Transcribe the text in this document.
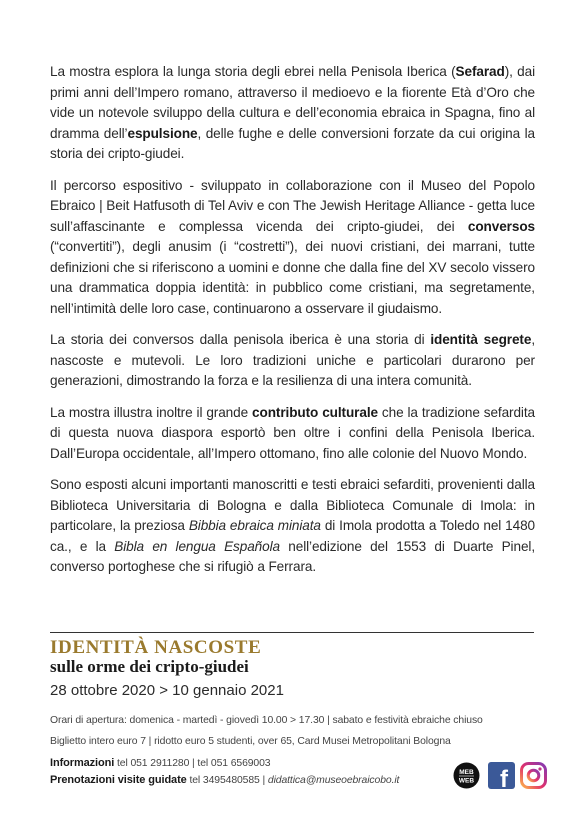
La mostra esplora la lunga storia degli ebrei nella Penisola Iberica (Sefarad), dai primi anni dell’Impero romano, attraverso il medioevo e la fiorente Età d’Oro che vide un notevole sviluppo della cultura e dell’economia ebraica in Spagna, fino al dramma dell’espulsione, delle fughe e delle conversioni forzate da cui origina la storia dei cripto-giudei.

Il percorso espositivo - sviluppato in collaborazione con il Museo del Popolo Ebraico | Beit Hatfusoth di Tel Aviv e con The Jewish Heritage Alliance - getta luce sull’affascinante e complessa vicenda dei cripto-giudei, dei conversos (“convertiti”), degli anusim (i “costretti”), dei nuovi cristiani, dei marrani, tutte definizioni che si riferiscono a uomini e donne che dalla fine del XV secolo vissero una drammatica doppia identità: in pubblico come cristiani, ma segretamente, nell’intimità delle loro case, continuarono a osservare il giudaismo.

La storia dei conversos dalla penisola iberica è una storia di identità segrete, nascoste e mutevoli. Le loro tradizioni uniche e particolari durarono per generazioni, dimostrando la forza e la resilienza di una intera comunità.

La mostra illustra inoltre il grande contributo culturale che la tradizione sefardita di questa nuova diaspora esportò ben oltre i confini della Penisola Iberica. Dall’Europa occidentale, all’Impero ottomano, fino alle colonie del Nuovo Mondo.

Sono esposti alcuni importanti manoscritti e testi ebraici sefarditi, provenienti dalla Biblioteca Universitaria di Bologna e dalla Biblioteca Comunale di Imola: in particolare, la preziosa Bibbia ebraica miniata di Imola prodotta a Toledo nel 1480 ca., e la Bibla en lengua Española nell’edizione del 1553 di Duarte Pinel, converso portoghese che si rifugiò a Ferrara.

IDENTITÀ NASCOSTE
sulle orme dei cripto-giudei
28 ottobre 2020 > 10 gennaio 2021
Orari di apertura: domenica - martedì - giovedì 10.00 > 17.30 | sabato e festività ebraiche chiuso
Biglietto intero euro 7 | ridotto euro 5 studenti, over 65, Card Musei Metropolitani Bologna
Informazioni tel 051 2911280 | tel 051 6569003
Prenotazioni visite guidate tel 3495480585 | didattica@museoebraicobo.it
MEB
WEB f
